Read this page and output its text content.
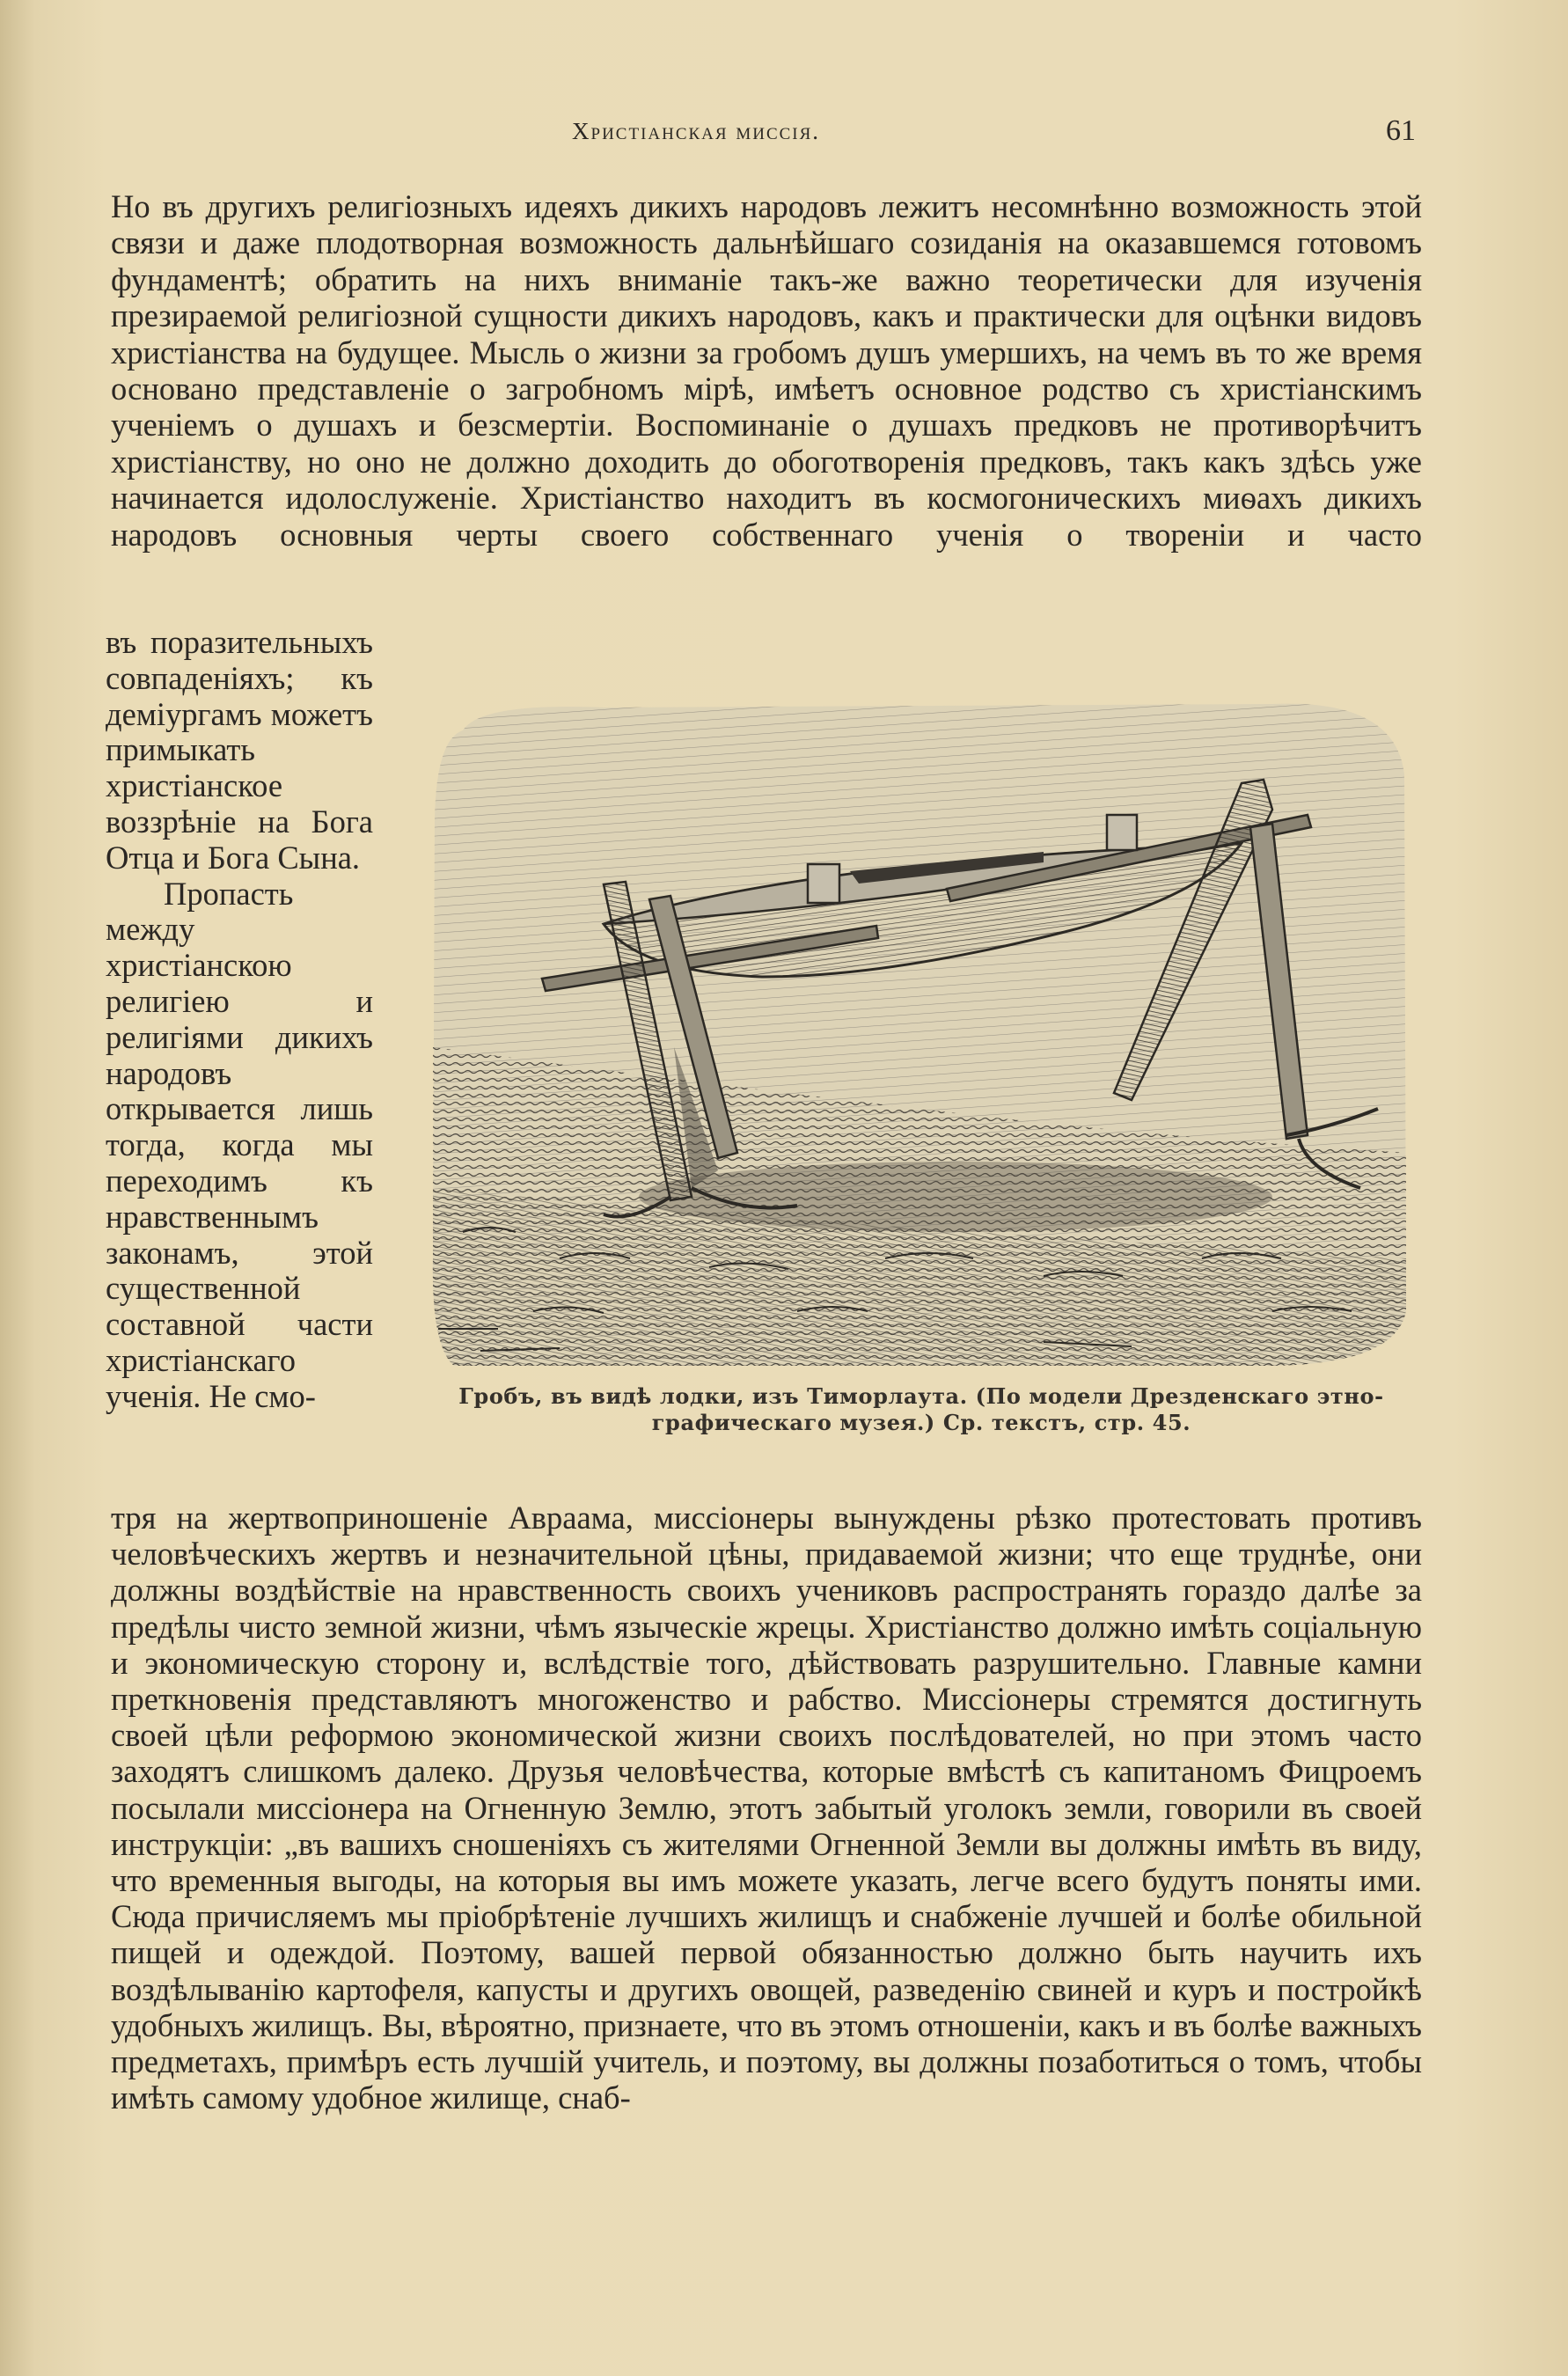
Христіанская миссія.	61

Но въ другихъ религіозныхъ идеяхъ дикихъ народовъ лежитъ несомнѣнно возможность этой связи и даже плодотворная возможность дальнѣйшаго созиданія на оказавшемся готовомъ фундаментѣ; обратить на нихъ вниманіе такъ-же важно теоретически для изученія презираемой религіозной сущности дикихъ народовъ, какъ и практически для оцѣнки видовъ христіанства на будущее. Мысль о жизни за гробомъ душъ умершихъ, на чемъ въ то же время основано представленіе о загробномъ мірѣ, имѣетъ основное родство съ христіанскимъ ученіемъ о душахъ и безсмертіи. Воспоминаніе о душахъ предковъ не противорѣчитъ христіанству, но оно не должно доходить до обоготворенія предковъ, такъ какъ здѣсь уже начинается идолослуженіе. Христіанство находитъ въ космогоническихъ миѳахъ дикихъ народовъ основныя черты своего собственнаго ученія о твореніи и часто

въ поразительныхъ совпаденіяхъ; къ деміургамъ можетъ примыкать христіанское воззрѣніе на Бога Отца и Бога Сына.

Пропасть между христіанскою религіею и религіями дикихъ народовъ открывается лишь тогда, когда мы переходимъ къ нравственнымъ законамъ, этой существенной составной части христіанскаго ученія. Не смо-	Гробъ, въ видѣ лодки, изъ Тиморлаута. (По модели Дрезденскаго этно-
графическаго музея.) Ср. текстъ, стр. 45.

тря на жертвоприношеніе Авраама, миссіонеры вынуждены рѣзко протестовать противъ человѣческихъ жертвъ и незначительной цѣны, придаваемой жизни; что еще труднѣе, они должны воздѣйствіе на нравственность своихъ учениковъ распространять гораздо далѣе за предѣлы чисто земной жизни, чѣмъ языческіе жрецы. Христіанство должно имѣть соціальную и экономическую сторону и, вслѣдствіе того, дѣйствовать разрушительно. Главные камни преткновенія представляютъ многоженство и рабство. Миссіонеры стремятся достигнуть своей цѣли реформою экономической жизни своихъ послѣдователей, но при этомъ часто заходятъ слишкомъ далеко. Друзья человѣчества, которые вмѣстѣ съ капитаномъ Фицроемъ посылали миссіонера на Огненную Землю, этотъ забытый уголокъ земли, говорили въ своей инструкціи: „въ вашихъ сношеніяхъ съ жителями Огненной Земли вы должны имѣть въ виду, что временныя выгоды, на которыя вы имъ можете указать, легче всего будутъ поняты ими. Сюда причисляемъ мы пріобрѣтеніе лучшихъ жилищъ и снабженіе лучшей и болѣе обильной пищей и одеждой. Поэтому, вашей первой обязанностью должно быть научить ихъ воздѣлыванію картофеля, капусты и другихъ овощей, разведенію свиней и куръ и постройкѣ удобныхъ жилищъ. Вы, вѣроятно, признаете, что въ этомъ отношеніи, какъ и въ болѣе важныхъ предметахъ, примѣръ есть лучшій учитель, и поэтому, вы должны позаботиться о томъ, чтобы имѣть самому удобное жилище, снаб-
